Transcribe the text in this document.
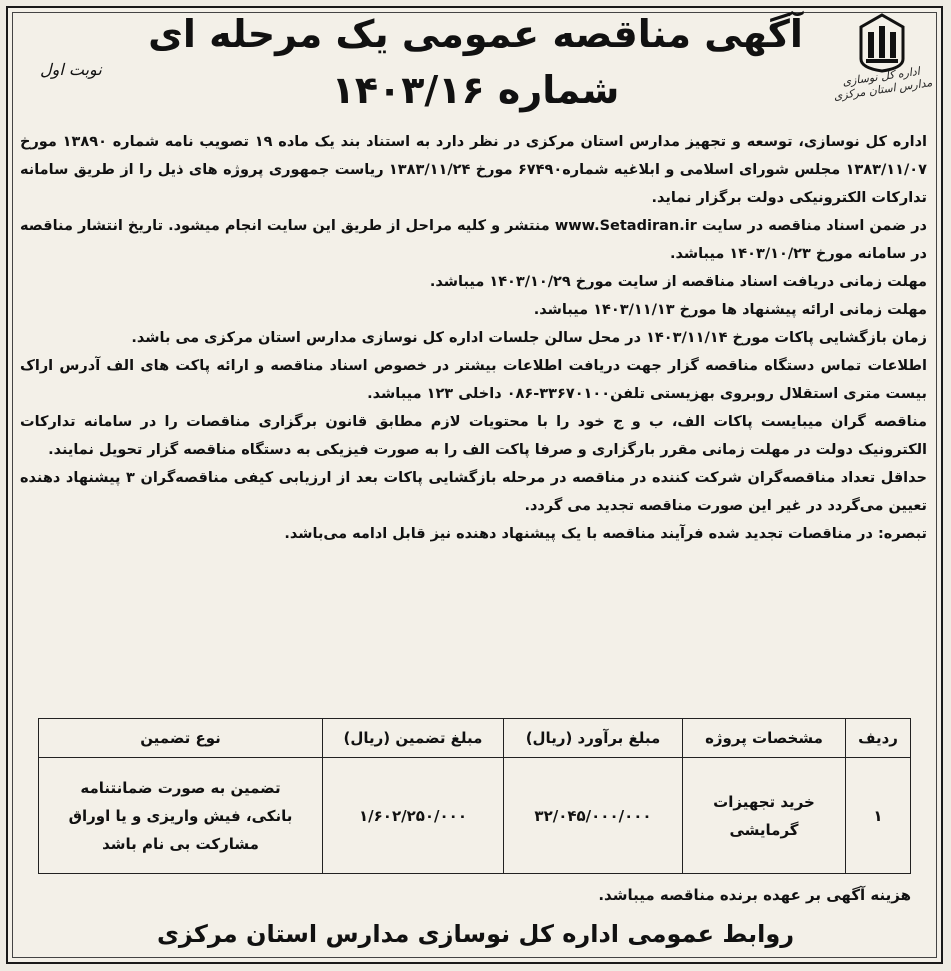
اداره کل نوسازی مدارس استان مرکزی
نوبت اول
آگهی مناقصه عمومی یک مرحله ای
شماره ۱۴۰۳/۱۶

اداره کل نوسازی، توسعه و تجهیز مدارس استان مرکزی در نظر دارد به استناد بند یک ماده ۱۹ تصویب نامه شماره ۱۳۸۹۰ مورخ ۱۳۸۳/۱۱/۰۷ مجلس شورای اسلامی و ابلاغیه شماره۶۷۴۹۰ مورخ ۱۳۸۳/۱۱/۲۴ ریاست جمهوری پروژه های ذیل را از طریق سامانه تدارکات الکترونیکی دولت برگزار نماید.

در ضمن اسناد مناقصه در سایت www.Setadiran.ir منتشر و کلیه مراحل از طریق این سایت انجام میشود. تاریخ انتشار مناقصه در سامانه مورخ ۱۴۰۳/۱۰/۲۳ میباشد.

مهلت زمانی دریافت اسناد مناقصه از سایت مورخ ۱۴۰۳/۱۰/۲۹ میباشد.

مهلت زمانی ارائه پیشنهاد ها مورخ ۱۴۰۳/۱۱/۱۳ میباشد.

زمان بازگشایی پاکات مورخ ۱۴۰۳/۱۱/۱۴ در محل سالن جلسات اداره کل نوسازی مدارس استان مرکزی می باشد.

اطلاعات تماس دستگاه مناقصه گزار جهت دریافت اطلاعات بیشتر در خصوص اسناد مناقصه و ارائه پاکت های الف آدرس اراک بیست متری استقلال روبروی بهزیستی تلفن۳۳۶۷۰۱۰۰-۰۸۶ داخلی ۱۲۳ میباشد.

مناقصه گران میبایست پاکات الف، ب و ج خود را با محتویات لازم مطابق قانون برگزاری مناقصات را در سامانه تدارکات الکترونیک دولت در مهلت زمانی مقرر بارگزاری و صرفا پاکت الف را به صورت فیزیکی به دستگاه مناقصه گزار تحویل نمایند.

حداقل تعداد مناقصه‌گران شرکت کننده در مناقصه در مرحله بازگشایی پاکات بعد از ارزیابی کیفی مناقصه‌گران ۳ پیشنهاد دهنده تعیین می‌گردد در غیر این صورت مناقصه تجدید می گردد.

تبصره: در مناقصات تجدید شده فرآیند مناقصه با یک پیشنهاد دهنده نیز قابل ادامه می‌باشد.

ردیف	مشخصات پروژه	مبلغ برآورد (ریال)	مبلغ تضمین (ریال)	نوع تضمین
۱	خرید تجهیزات گرمایشی	۳۲/۰۴۵/۰۰۰/۰۰۰	۱/۶۰۲/۲۵۰/۰۰۰	تضمین به صورت ضمانتنامه بانکی، فیش واریزی و یا اوراق مشارکت بی نام باشد
هزینه آگهی بر عهده برنده مناقصه میباشد.
روابط عمومی اداره کل نوسازی مدارس استان مرکزی
